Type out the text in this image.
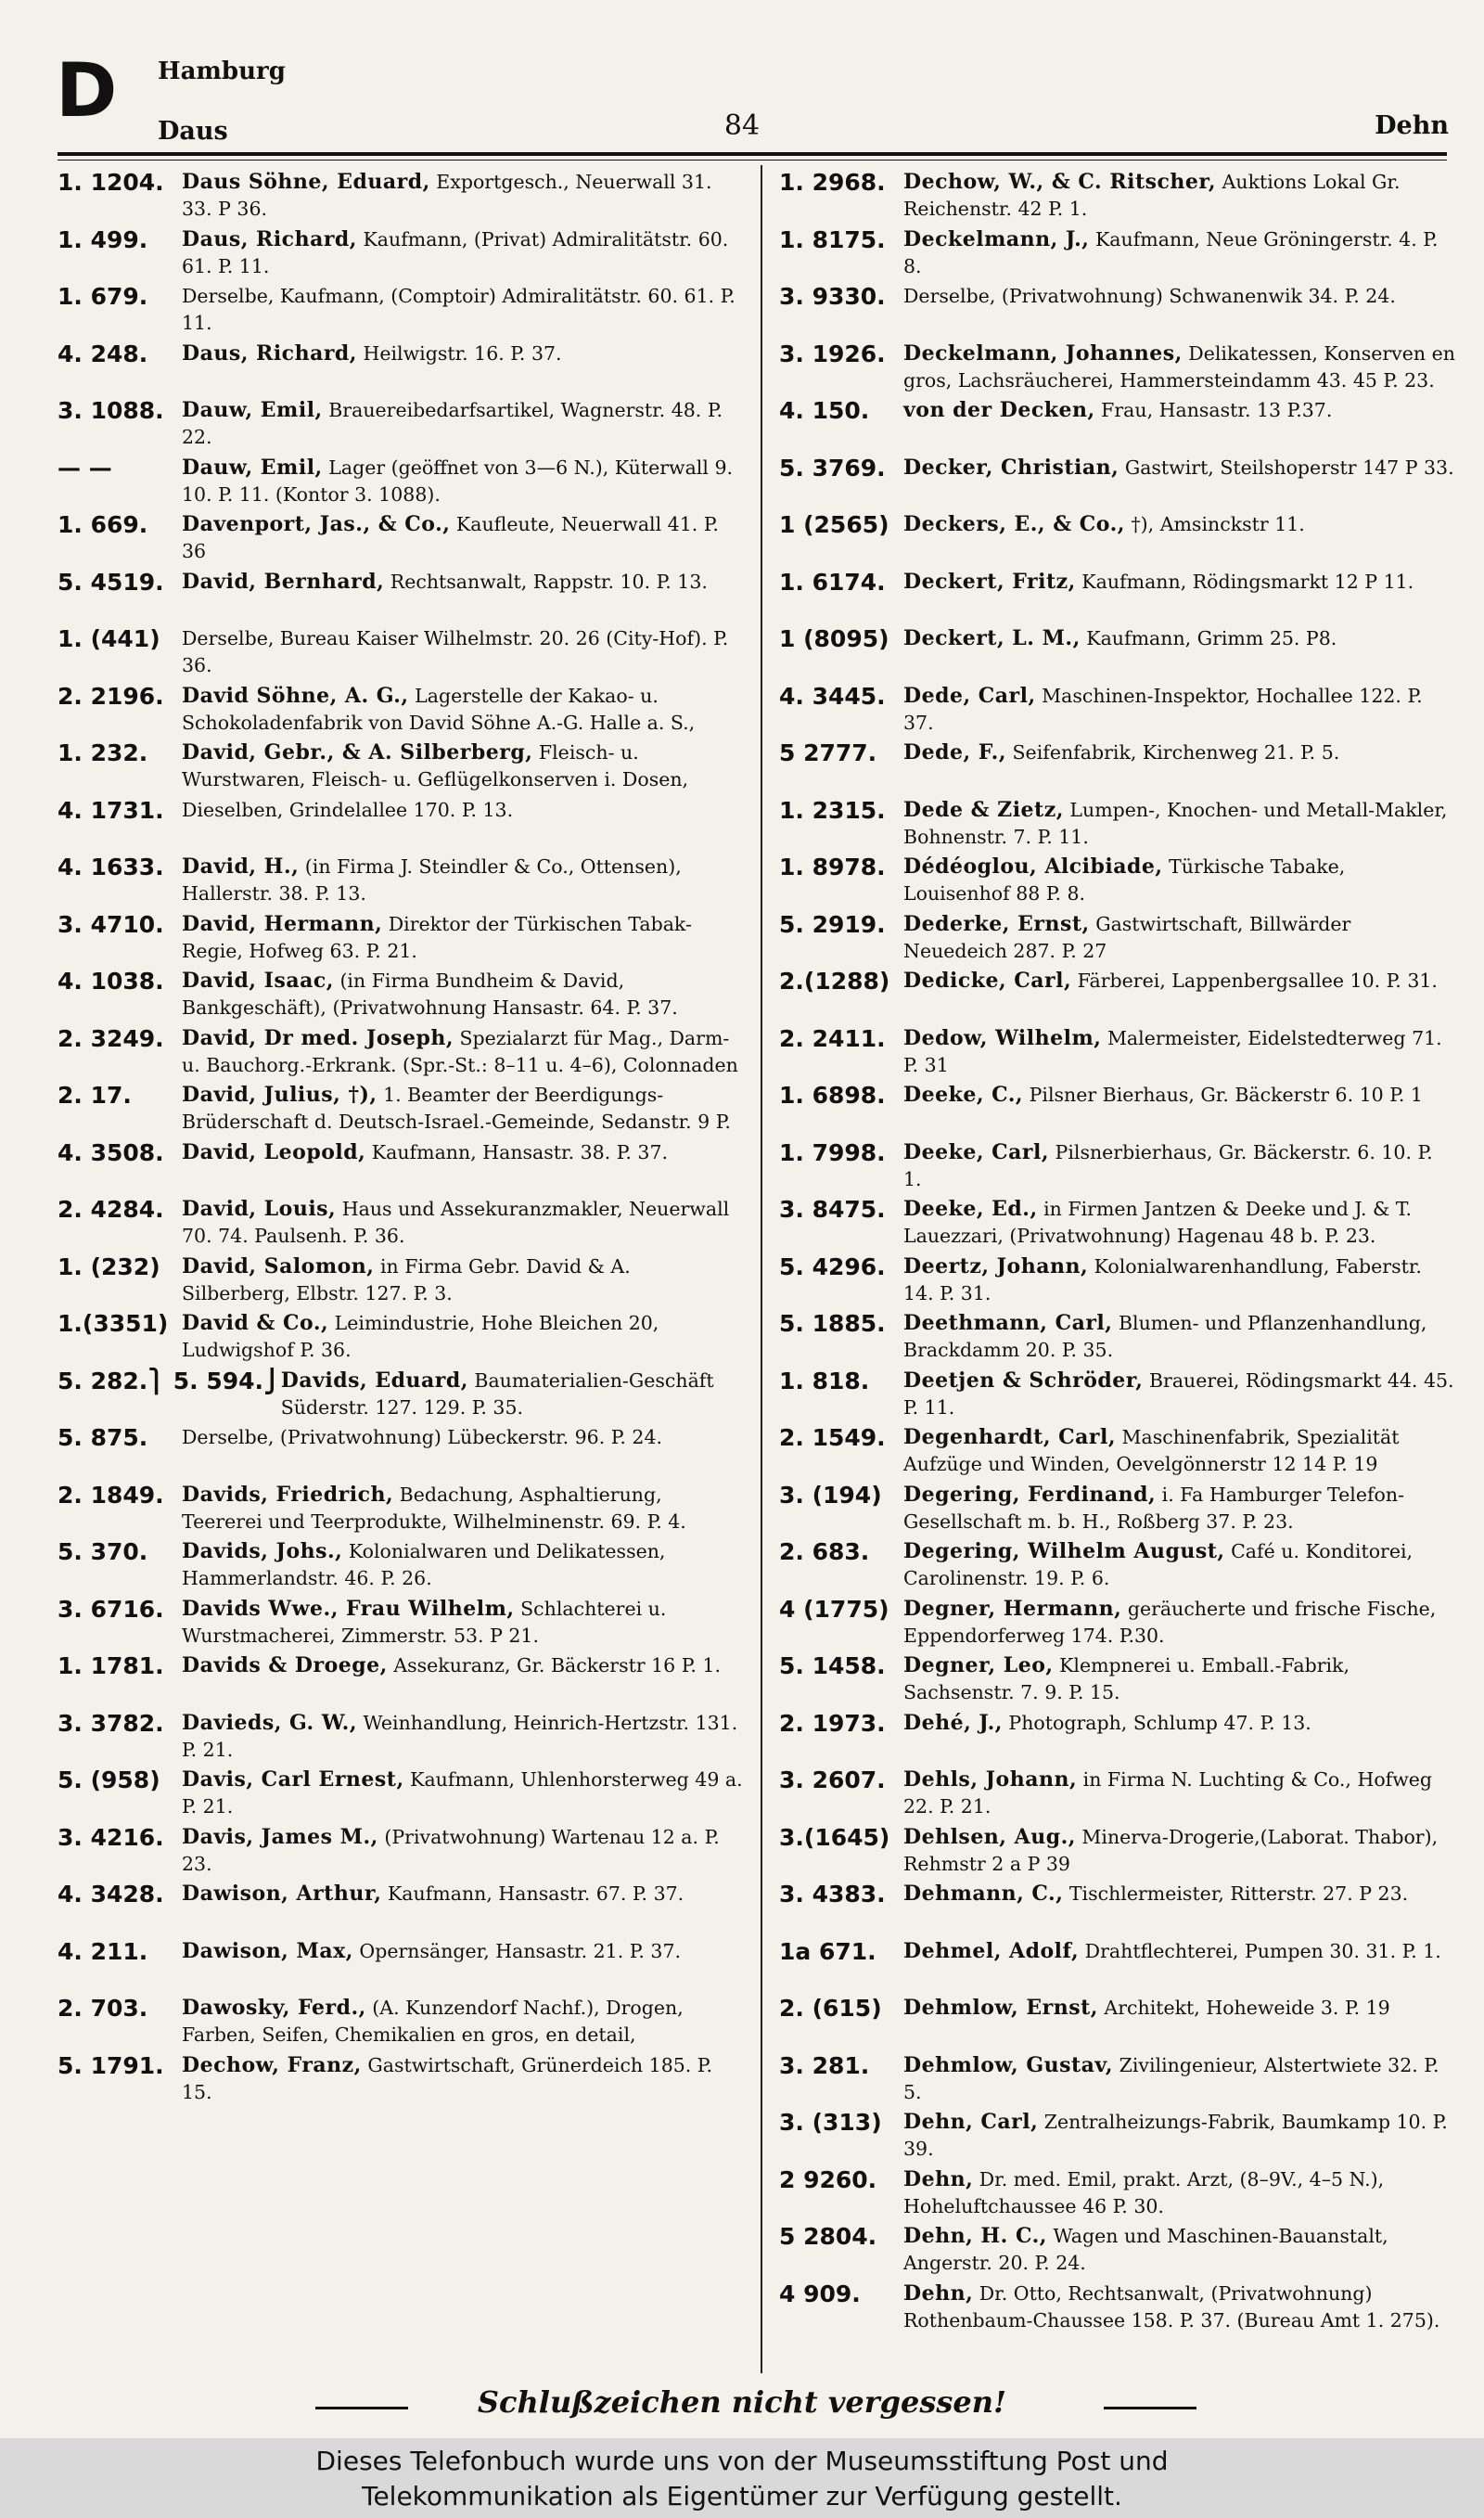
D Hamburg
Daus	84	Dehn
1. 1204. Daus Söhne, Eduard, Exportgesch., Neuerwall 31. 33. P 36.
1. 499.	Daus, Richard, Kaufmann, (Privat) Admiralitätstr. 60. 61. P. 11.
1. 679.	Derselbe, Kaufmann, (Comptoir) Admiralitätstr. 60. 61. P. 11.
4. 248.	Daus, Richard, Heilwigstr. 16. P. 37.
3. 1088. Dauw, Emil, Brauereibedarfsartikel, Wagnerstr. 48. P. 22.
— —	Dauw, Emil, Lager (geöffnet von 3—6 N.), Küterwall 9. 10. P. 11. (Kontor 3. 1088).
1. 669.	Davenport, Jas., & Co., Kaufleute, Neuerwall 41. P. 36
5. 4519. David, Bernhard, Rechtsanwalt, Rappstr. 10. P. 13.
1. (441)	Derselbe, Bureau Kaiser Wilhelmstr. 20. 26 (City-Hof). P. 36.
2. 2196. David Söhne, A. G., Lagerstelle der Kakao- u. Schokoladenfabrik von David Söhne A.-G. Halle a. S.,
1. 232.	David, Gebr., & A. Silberberg, Fleisch- u. Wurstwaren, Fleisch- u. Geflügelkonserven i. Dosen,
4. 1731. Dieselben, Grindelallee 170. P. 13.
4. 1633. David, H., (in Firma J. Steindler & Co., Ottensen), Hallerstr. 38. P. 13.
3. 4710. David, Hermann, Direktor der Türkischen Tabak-Regie, Hofweg 63. P. 21.
4. 1038. David, Isaac, (in Firma Bundheim & David, Bankgeschäft), (Privatwohnung Hansastr. 64. P. 37.
2. 3249. David, Dr med. Joseph, Spezialarzt für Mag., Darm- u. Bauchorg.-Erkrank. (Spr.-St.: 8–11 u. 4–6), Colonnaden
2. 17.	David, Julius, †), 1. Beamter der Beerdigungs-Brüderschaft d. Deutsch-Israel.-Gemeinde, Sedanstr. 9 P.
4. 3508. David, Leopold, Kaufmann, Hansastr. 38. P. 37.
2. 4284. David, Louis, Haus und Assekuranzmakler, Neuerwall 70. 74. Paulsenh. P. 36.
1. (232)	David, Salomon, in Firma Gebr. David & A. Silberberg, Elbstr. 127. P. 3.
1.(3351) David & Co., Leimindustrie, Hohe Bleichen 20, Ludwigshof P. 36.
5. 282.⎫ 5. 594.⎭ Davids, Eduard, Baumaterialien-Geschäft Süderstr. 127. 129. P. 35.
5. 875.	Derselbe, (Privatwohnung) Lübeckerstr. 96. P. 24.
2. 1849. Davids, Friedrich, Bedachung, Asphaltierung, Teererei und Teerprodukte, Wilhelminenstr. 69. P. 4.
5. 370.	Davids, Johs., Kolonialwaren und Delikatessen, Hammerlandstr. 46. P. 26.
3. 6716. Davids Wwe., Frau Wilhelm, Schlachterei u. Wurstmacherei, Zimmerstr. 53. P 21.
1. 1781. Davids & Droege, Assekuranz, Gr. Bäckerstr 16 P. 1.
3. 3782. Davieds, G. W., Weinhandlung, Heinrich-Hertzstr. 131. P. 21.
5. (958)	Davis, Carl Ernest, Kaufmann, Uhlenhorsterweg 49 a. P. 21.
3. 4216. Davis, James M., (Privatwohnung) Wartenau 12 a. P. 23.
4. 3428. Dawison, Arthur, Kaufmann, Hansastr. 67. P. 37.
4. 211.	Dawison, Max, Opernsänger, Hansastr. 21. P. 37.
2. 703.	Dawosky, Ferd., (A. Kunzendorf Nachf.), Drogen, Farben, Seifen, Chemikalien en gros, en detail,
5. 1791. Dechow, Franz, Gastwirtschaft, Grünerdeich 185. P. 15.
1. 2968. Dechow, W., & C. Ritscher, Auktions Lokal Gr. Reichenstr. 42 P. 1.
1. 8175. Deckelmann, J., Kaufmann, Neue Gröningerstr. 4. P. 8.
3. 9330. Derselbe, (Privatwohnung) Schwanenwik 34. P. 24.
3. 1926. Deckelmann, Johannes, Delikatessen, Konserven en gros, Lachsräucherei, Hammersteindamm 43. 45 P. 23.
4. 150.	von der Decken, Frau, Hansastr. 13 P.37.
5. 3769. Decker, Christian, Gastwirt, Steilshoperstr 147 P 33.
1 (2565) Deckers, E., & Co., †), Amsinckstr 11.
1. 6174. Deckert, Fritz, Kaufmann, Rödingsmarkt 12 P 11.
1 (8095) Deckert, L. M., Kaufmann, Grimm 25. P8.
4. 3445. Dede, Carl, Maschinen-Inspektor, Hochallee 122. P. 37.
5 2777.	Dede, F., Seifenfabrik, Kirchenweg 21. P. 5.
1. 2315. Dede & Zietz, Lumpen-, Knochen- und Metall-Makler, Bohnenstr. 7. P. 11.
1. 8978. Dédéoglou, Alcibiade, Türkische Tabake, Louisenhof 88 P. 8.
5. 2919. Dederke, Ernst, Gastwirtschaft, Billwärder Neuedeich 287. P. 27
2.(1288) Dedicke, Carl, Färberei, Lappenbergsallee 10. P. 31.
2. 2411. Dedow, Wilhelm, Malermeister, Eidelstedterweg 71. P. 31
1. 6898. Deeke, C., Pilsner Bierhaus, Gr. Bäckerstr 6. 10 P. 1
1. 7998. Deeke, Carl, Pilsnerbierhaus, Gr. Bäckerstr. 6. 10. P. 1.
3. 8475. Deeke, Ed., in Firmen Jantzen & Deeke und J. & T. Lauezzari, (Privatwohnung) Hagenau 48 b. P. 23.
5. 4296. Deertz, Johann, Kolonialwarenhandlung, Faberstr. 14. P. 31.
5. 1885. Deethmann, Carl, Blumen- und Pflanzenhandlung, Brackdamm 20. P. 35.
1. 818.	Deetjen & Schröder, Brauerei, Rödingsmarkt 44. 45. P. 11.
2. 1549. Degenhardt, Carl, Maschinenfabrik, Spezialität Aufzüge und Winden, Oevelgönnerstr 12 14 P. 19
3. (194)	Degering, Ferdinand, i. Fa Hamburger Telefon-Gesellschaft m. b. H., Roßberg 37. P. 23.
2. 683.	Degering, Wilhelm August, Café u. Konditorei, Carolinenstr. 19. P. 6.
4 (1775) Degner, Hermann, geräucherte und frische Fische, Eppendorferweg 174. P.30.
5. 1458. Degner, Leo, Klempnerei u. Emball.-Fabrik, Sachsenstr. 7. 9. P. 15.
2. 1973. Dehé, J., Photograph, Schlump 47. P. 13.
3. 2607. Dehls, Johann, in Firma N. Luchting & Co., Hofweg 22. P. 21.
3.(1645) Dehlsen, Aug., Minerva-Drogerie,(Laborat. Thabor), Rehmstr 2 a P 39
3. 4383. Dehmann, C., Tischlermeister, Ritterstr. 27. P 23.
1a 671.	Dehmel, Adolf, Drahtflechterei, Pumpen 30. 31. P. 1.
2. (615)	Dehmlow, Ernst, Architekt, Hoheweide 3. P. 19
3. 281.	Dehmlow, Gustav, Zivilingenieur, Alstertwiete 32. P. 5.
3. (313)	Dehn, Carl, Zentralheizungs-Fabrik, Baumkamp 10. P. 39.
2 9260.	Dehn, Dr. med. Emil, prakt. Arzt, (8–9V., 4–5 N.), Hoheluftchaussee 46 P. 30.
5 2804.	Dehn, H. C., Wagen und Maschinen-Bauanstalt, Angerstr. 20. P. 24.
4 909.	Dehn, Dr. Otto, Rechtsanwalt, (Privatwohnung) Rothenbaum-Chaussee 158. P. 37. (Bureau Amt 1. 275).
Schlußzeichen nicht vergessen!
Dieses Telefonbuch wurde uns von der Museumsstiftung Post und
Telekommunikation als Eigentümer zur Verfügung gestellt.
